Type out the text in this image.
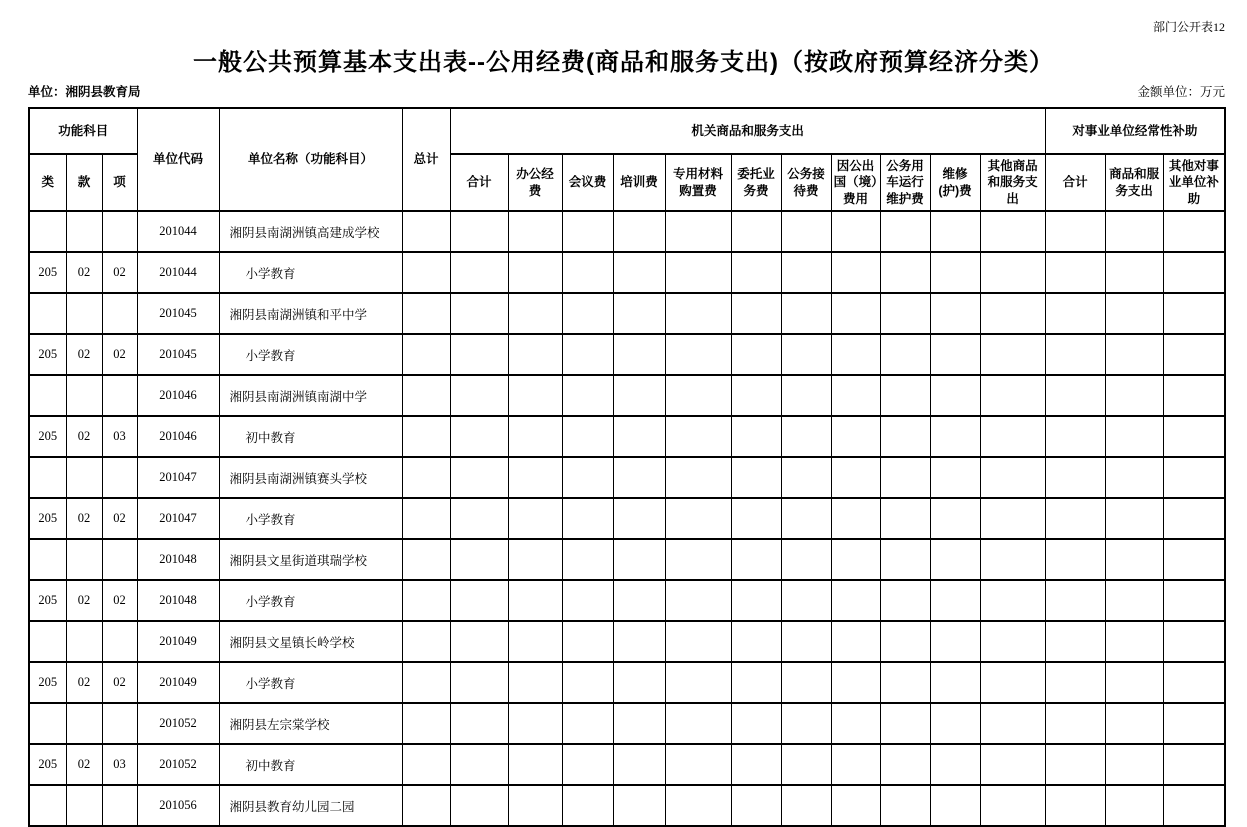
部门公开表12
一般公共预算基本支出表--公用经费(商品和服务支出)（按政府预算经济分类）
单位：湘阴县教育局	金额单位：万元
功能科目			单位代码	单位名称（功能科目）	总计	机关商品和服务支出											对事业单位经常性补助		
类	款	项				合计	办公经费	会议费	培训费	专用材料购置费	委托业务费	公务接待费	因公出国（境）费用	公务用车运行维护费	维修(护)费	其他商品和服务支出	合计	商品和服务支出	其他对事业单位补助
			201044	湘阴县南湖洲镇高建成学校															
205	02	02	201044	小学教育															
			201045	湘阴县南湖洲镇和平中学															
205	02	02	201045	小学教育															
			201046	湘阴县南湖洲镇南湖中学															
205	02	03	201046	初中教育															
			201047	湘阴县南湖洲镇赛头学校															
205	02	02	201047	小学教育															
			201048	湘阴县文星街道琪瑞学校															
205	02	02	201048	小学教育															
			201049	湘阴县文星镇长岭学校															
205	02	02	201049	小学教育															
			201052	湘阴县左宗棠学校															
205	02	03	201052	初中教育															
			201056	湘阴县教育幼儿园二园															
